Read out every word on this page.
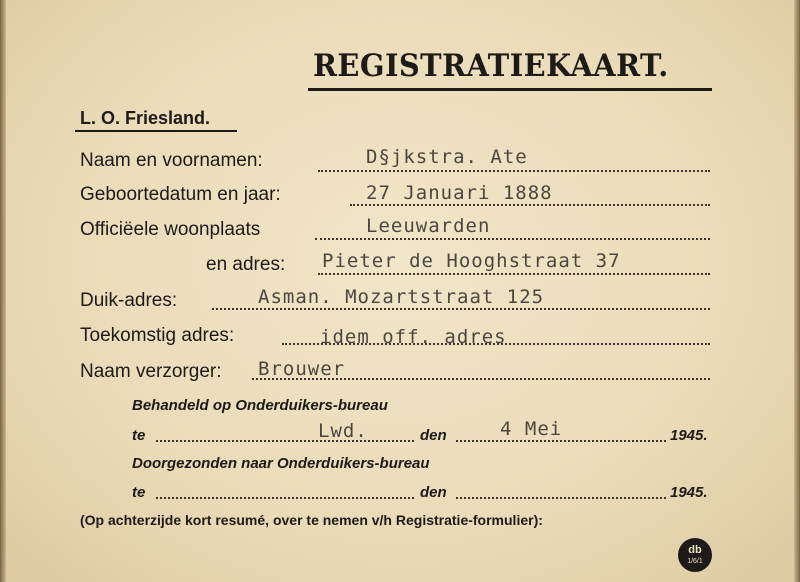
REGISTRATIEKAART.
L. O. Friesland.
Naam en voornamen:	D§jkstra. Ate
Geboortedatum en jaar:	27 Januari 1888
Officiëele woonplaats	Leeuwarden
en adres: Pieter de Hooghstraat 37
Duik-adres:	Asman. Mozartstraat 125
Toekomstig adres:	idem off. adres
Naam verzorger: Brouwer
Behandeld op Onderduikers-bureau
te	Lwd.	den	4 Mei	1945.
Doorgezonden naar Onderduikers-bureau
te	den	1945.
(Op achterzijde kort resumé, over te nemen v/h Registratie-formulier):
db
1/6/1
